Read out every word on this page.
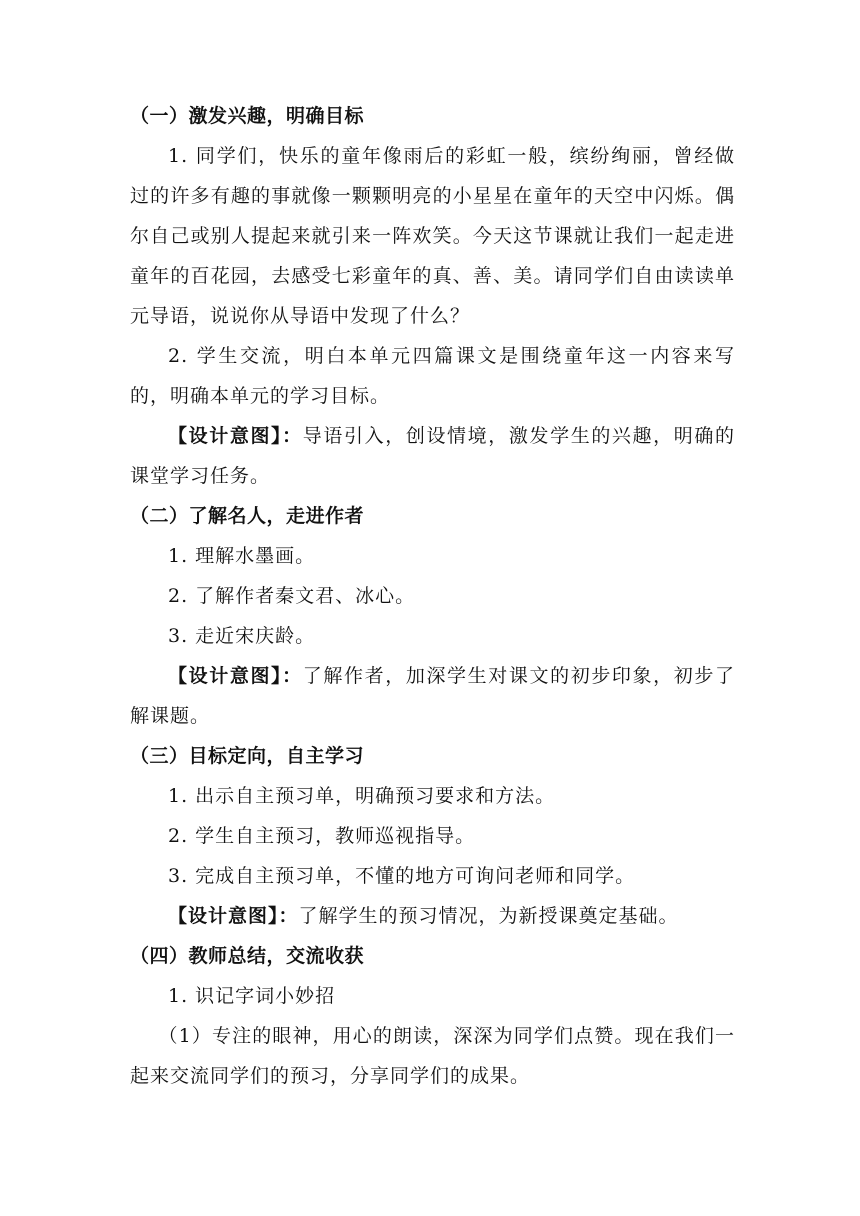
（一）激发兴趣，明确目标

1. 同学们，快乐的童年像雨后的彩虹一般，缤纷绚丽，曾经做过的许多有趣的事就像一颗颗明亮的小星星在童年的天空中闪烁。偶尔自己或别人提起来就引来一阵欢笑。今天这节课就让我们一起走进童年的百花园，去感受七彩童年的真、善、美。请同学们自由读读单元导语，说说你从导语中发现了什么？

2. 学生交流，明白本单元四篇课文是围绕童年这一内容来写的，明确本单元的学习目标。

【设计意图】：导语引入，创设情境，激发学生的兴趣，明确的课堂学习任务。

（二）了解名人，走进作者

1. 理解水墨画。

2. 了解作者秦文君、冰心。

3. 走近宋庆龄。

【设计意图】：了解作者，加深学生对课文的初步印象，初步了解课题。

（三）目标定向，自主学习

1. 出示自主预习单，明确预习要求和方法。

2. 学生自主预习，教师巡视指导。

3. 完成自主预习单，不懂的地方可询问老师和同学。

【设计意图】：了解学生的预习情况，为新授课奠定基础。

（四）教师总结，交流收获

1. 识记字词小妙招

（1）专注的眼神，用心的朗读，深深为同学们点赞。现在我们一起来交流同学们的预习，分享同学们的成果。
